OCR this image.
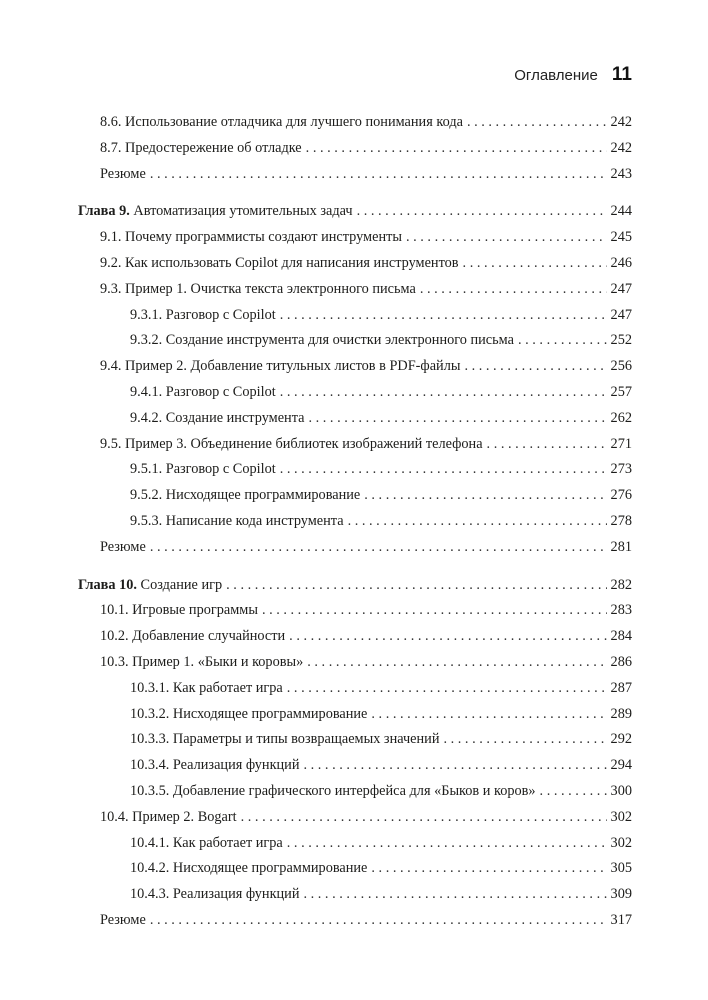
Оглавление 11
8.6. Использование отладчика для лучшего понимания кода . . .	242
8.7. Предостережение об отладке . . .	242
Резюме . . .	243
Глава 9. Автоматизация утомительных задач . . .	244
9.1. Почему программисты создают инструменты . . .	245
9.2. Как использовать Copilot для написания инструментов . . .	246
9.3. Пример 1. Очистка текста электронного письма . . .	247
9.3.1. Разговор с Copilot . . .	247
9.3.2. Создание инструмента для очистки электронного письма . . .	252
9.4. Пример 2. Добавление титульных листов в PDF-файлы . . .	256
9.4.1. Разговор с Copilot . . .	257
9.4.2. Создание инструмента . . .	262
9.5. Пример 3. Объединение библиотек изображений телефона . . .	271
9.5.1. Разговор с Copilot . . .	273
9.5.2. Нисходящее программирование . . .	276
9.5.3. Написание кода инструмента . . .	278
Резюме . . .	281
Глава 10. Создание игр . . .	282
10.1. Игровые программы . . .	283
10.2. Добавление случайности . . .	284
10.3. Пример 1. «Быки и коровы» . . .	286
10.3.1. Как работает игра . . .	287
10.3.2. Нисходящее программирование . . .	289
10.3.3. Параметры и типы возвращаемых значений . . .	292
10.3.4. Реализация функций . . .	294
10.3.5. Добавление графического интерфейса для «Быков и коров» . . .	300
10.4. Пример 2. Bogart . . .	302
10.4.1. Как работает игра . . .	302
10.4.2. Нисходящее программирование . . .	305
10.4.3. Реализация функций . . .	309
Резюме . . .	317
